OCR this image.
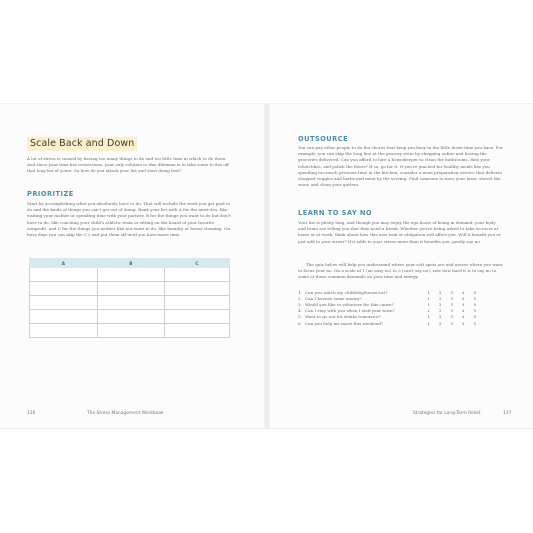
Scale Back and Down

A lot of stress is caused by having too many things to do and too little time in which to do them. And since your time has restrictions, your only solution to this dilemma is to take some to-dos off that long list of yours. So how do you attack your list and start doing less?

PRIORITIZE

Start by accomplishing what you absolutely have to do. That will include the work you get paid to do and the kinds of things you can't get out of doing. Rank your list with A for the must-dos, like visiting your mother or spending time with your partner, B for the things you want to do but don't have to do, like coaching your child's athletic team or sitting on the board of your favorite nonprofit, and C for the things you neither like nor want to do, like laundry or house cleaning. On busy days you can skip the C's and put them off until you have more time.

A	B	C

136	The Stress Management Workbook
OUTSOURCE

You can pay other people to do the chores that keep you busy in the little down-time you have. For example, you can skip the long line at the grocery store by shopping online and having the groceries delivered. Can you afford to hire a housekeeper to clean the bathrooms, dust your tchotchkes, and polish the floors? If so, go for it. If you're pinched for healthy meals has you spending too much precious time in the kitchen, consider a meal preparation service that delivers chopped veggies and herbs and meat by the serving. Find someone to mow your lawn, shovel the snow, and clean your gutters.

LEARN TO SAY NO

Your list is plenty long, and though you may enjoy the ego boost of being in demand, your body and brain are telling you that they need a break. Whether you're being asked to take on more at home or at work, think about how this new task or obligation will affect you. Will it benefit you or just add to your stress? If it adds to your stress more than it benefits you, gently say no.

The quiz below will help you understand where your soft spots are and assess where you want to focus your no. On a scale of 1 (an easy no) to 5 (can't say no), rate how hard it is to say no to some of these common demands on your time and energy.

1. Can you watch my child/dog/house/cat?	1	2	3	4	5
2. Can I borrow some money?	1	2	3	4	5
3. Would you like to volunteer for this cause?	1	2	3	4	5
4. Can I stay with you when I visit your town?	1	2	3	4	5
5. Want to go out for drinks tomorrow?	1	2	3	4	5
6. Can you help me move this weekend?	1	2	3	4	5
Strategies for Long-Term Relief	137
